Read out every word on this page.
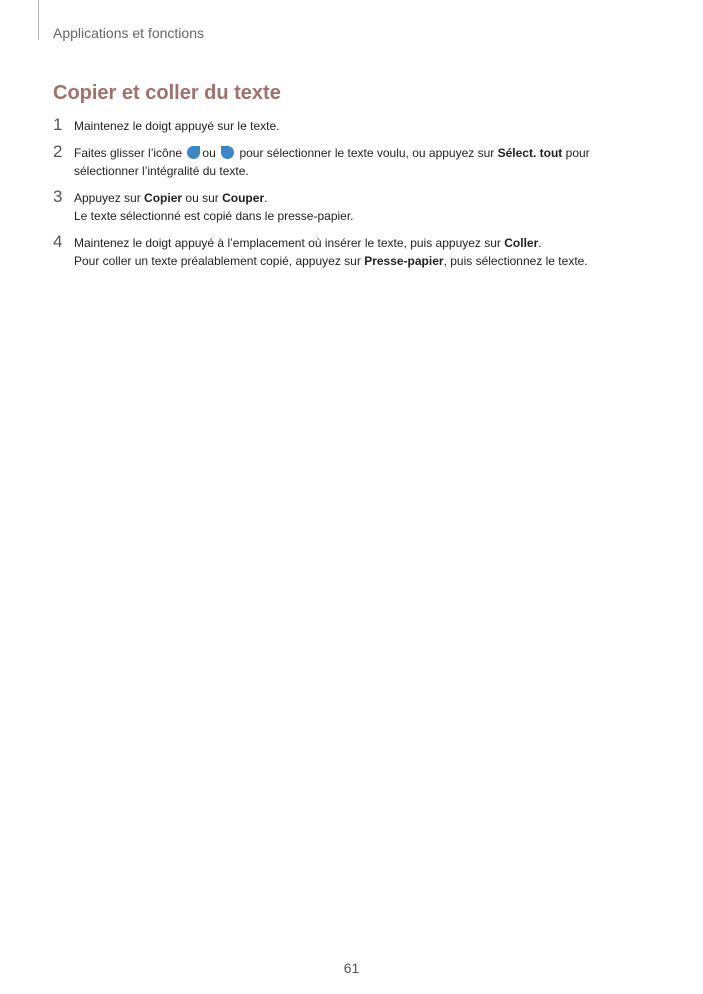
Applications et fonctions
Copier et coller du texte
1 Maintenez le doigt appuyé sur le texte.
2 Faites glisser l’icône ou pour sélectionner le texte voulu, ou appuyez sur Sélect. tout pour
sélectionner l’intégralité du texte.
3 Appuyez sur Copier ou sur Couper.
Le texte sélectionné est copié dans le presse-papier.
4 Maintenez le doigt appuyé à l’emplacement où insérer le texte, puis appuyez sur Coller.
Pour coller un texte préalablement copié, appuyez sur Presse-papier, puis sélectionnez le texte.
61
